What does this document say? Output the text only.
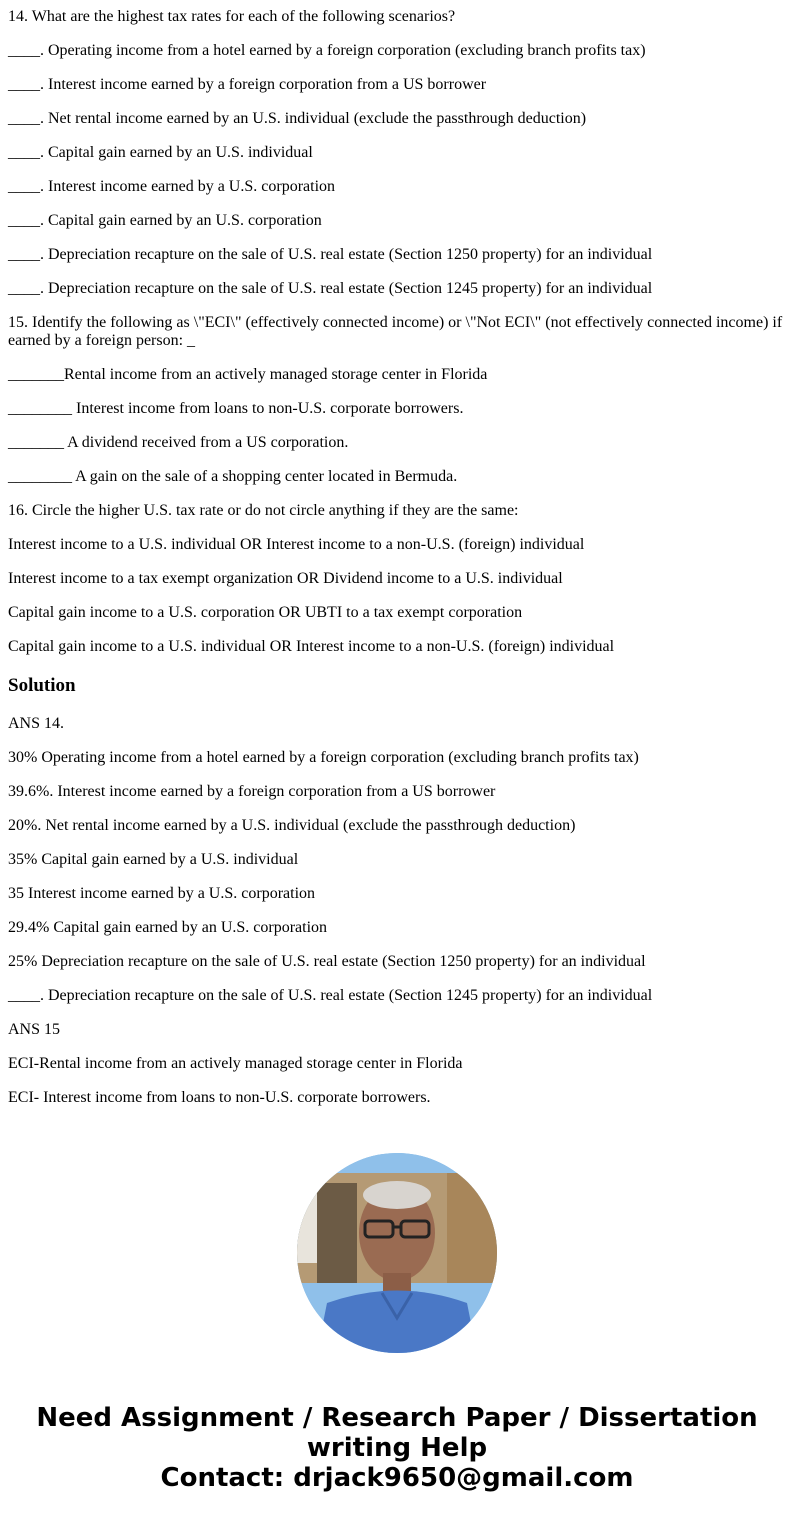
14. What are the highest tax rates for each of the following scenarios?

____. Operating income from a hotel earned by a foreign corporation (excluding branch profits tax)

____. Interest income earned by a foreign corporation from a US borrower

____. Net rental income earned by an U.S. individual (exclude the passthrough deduction)

____. Capital gain earned by an U.S. individual

____. Interest income earned by a U.S. corporation

____. Capital gain earned by an U.S. corporation

____. Depreciation recapture on the sale of U.S. real estate (Section 1250 property) for an individual

____. Depreciation recapture on the sale of U.S. real estate (Section 1245 property) for an individual

15. Identify the following as \"ECI\" (effectively connected income) or \"Not ECI\" (not effectively connected income) if earned by a foreign person: _

_______Rental income from an actively managed storage center in Florida

________ Interest income from loans to non-U.S. corporate borrowers.

_______ A dividend received from a US corporation.

________ A gain on the sale of a shopping center located in Bermuda.

16. Circle the higher U.S. tax rate or do not circle anything if they are the same:

Interest income to a U.S. individual OR Interest income to a non-U.S. (foreign) individual

Interest income to a tax exempt organization OR Dividend income to a U.S. individual

Capital gain income to a U.S. corporation OR UBTI to a tax exempt corporation

Capital gain income to a U.S. individual OR Interest income to a non-U.S. (foreign) individual

Solution

ANS 14.

30% Operating income from a hotel earned by a foreign corporation (excluding branch profits tax)

39.6%. Interest income earned by a foreign corporation from a US borrower

20%. Net rental income earned by a U.S. individual (exclude the passthrough deduction)

35% Capital gain earned by a U.S. individual

35 Interest income earned by a U.S. corporation

29.4% Capital gain earned by an U.S. corporation

25% Depreciation recapture on the sale of U.S. real estate (Section 1250 property) for an individual

____. Depreciation recapture on the sale of U.S. real estate (Section 1245 property) for an individual

ANS 15

ECI-Rental income from an actively managed storage center in Florida

ECI- Interest income from loans to non-U.S. corporate borrowers.

Need Assignment / Research Paper / Dissertation
writing Help
Contact: drjack9650@gmail.com
